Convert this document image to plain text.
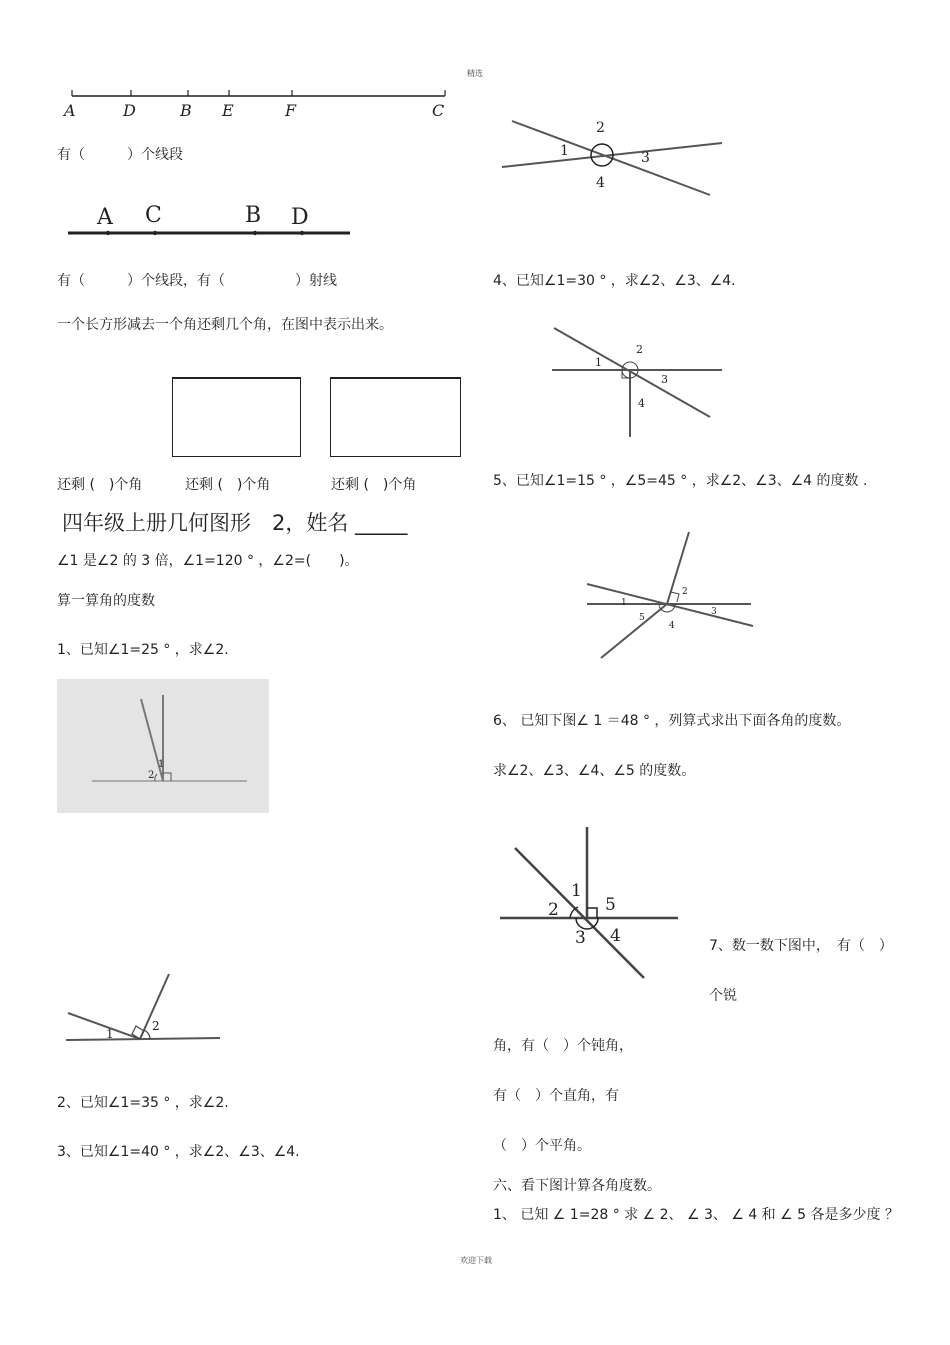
精选
欢迎下载
A	D	B E	F	C
有（　　　）个线段
A C	B D
有（　　　）个线段，有（　　　　　）射线
一个长方形减去一个角还剩几个角，在图中表示出来。
还剩 (　)个角	还剩 (　)个角	还剩 (　)个角
四年级上册几何图形　2，姓名 _____
∠1 是∠2 的 3 倍，∠1=120 ° ，∠2=(　　)。
算一算角的度数
1、已知∠1=25 ° ，求∠2.
1
2
1
2
2、已知∠1=35 ° ，求∠2.
3、已知∠1=40 ° ，求∠2、∠3、∠4.
1
2
3
4
4、已知∠1=30 ° ，求∠2、∠3、∠4.
1
2
3
4
5、已知∠1=15 ° ，∠5=45 ° ，求∠2、∠3、∠4 的度数 .
1
2
3
4
5
6、 已知下图∠ 1 ＝48 ° ，列算式求出下面各角的度数。
求∠2、∠3、∠4、∠5 的度数。
1
2
3 4
5
7、数一数下图中，　有（　）
个锐
角，有（　）个钝角，
有（　）个直角，有
（　）个平角。
六、看下图计算各角度数。
1、 已知 ∠ 1=28 ° 求 ∠ 2、 ∠ 3、 ∠ 4 和 ∠ 5 各是多少度 ？
